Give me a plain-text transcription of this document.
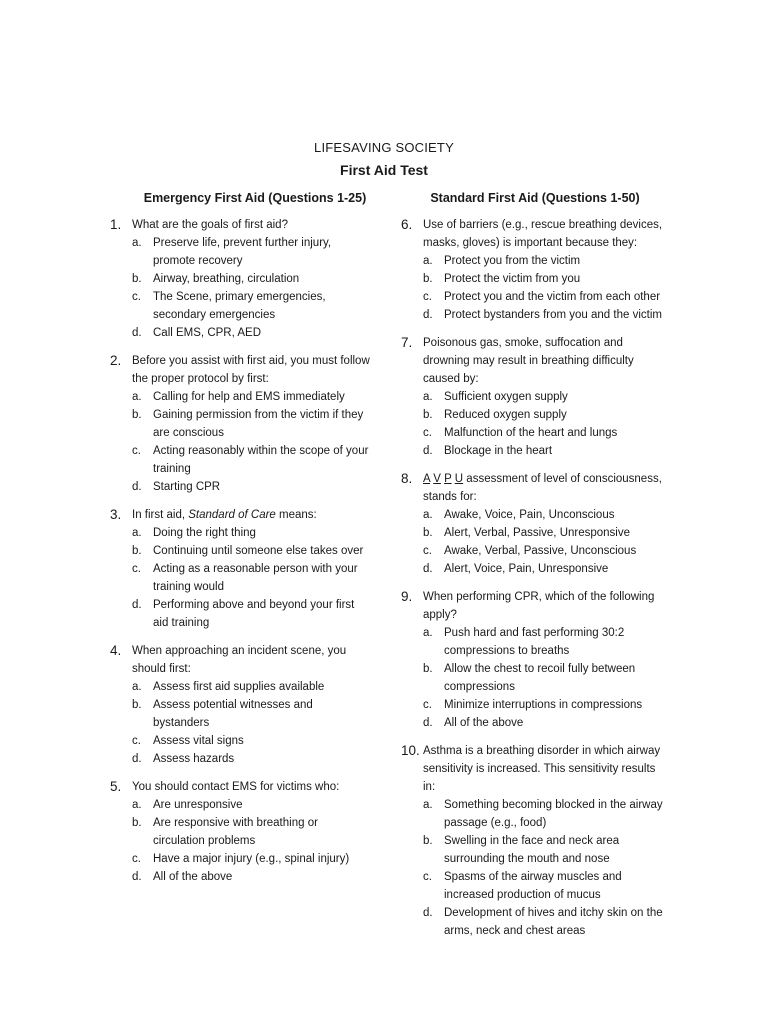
LIFESAVING SOCIETY
First Aid Test
Emergency First Aid (Questions 1-25)	Standard First Aid (Questions 1-50)
1. What are the goals of first aid?
a. Preserve life, prevent further injury, promote recovery
b. Airway, breathing, circulation
c. The Scene, primary emergencies, secondary emergencies
d. Call EMS, CPR, AED
2. Before you assist with first aid, you must follow the proper protocol by first:
a. Calling for help and EMS immediately
b. Gaining permission from the victim if they are conscious
c. Acting reasonably within the scope of your training
d. Starting CPR
3. In first aid, Standard of Care means:
a. Doing the right thing
b. Continuing until someone else takes over
c. Acting as a reasonable person with your training would
d. Performing above and beyond your first aid training
4. When approaching an incident scene, you should first:
a. Assess first aid supplies available
b. Assess potential witnesses and bystanders
c. Assess vital signs
d. Assess hazards
5. You should contact EMS for victims who:
a. Are unresponsive
b. Are responsive with breathing or circulation problems
c. Have a major injury (e.g., spinal injury)
d. All of the above
6. Use of barriers (e.g., rescue breathing devices, masks, gloves) is important because they:
a. Protect you from the victim
b. Protect the victim from you
c. Protect you and the victim from each other
d. Protect bystanders from you and the victim
7. Poisonous gas, smoke, suffocation and drowning may result in breathing difficulty caused by:
a. Sufficient oxygen supply
b. Reduced oxygen supply
c. Malfunction of the heart and lungs
d. Blockage in the heart
8. A V P U assessment of level of consciousness, stands for:
a. Awake, Voice, Pain, Unconscious
b. Alert, Verbal, Passive, Unresponsive
c. Awake, Verbal, Passive, Unconscious
d. Alert, Voice, Pain, Unresponsive
9. When performing CPR, which of the following apply?
a. Push hard and fast performing 30:2 compressions to breaths
b. Allow the chest to recoil fully between compressions
c. Minimize interruptions in compressions
d. All of the above
10. Asthma is a breathing disorder in which airway sensitivity is increased. This sensitivity results in:
a. Something becoming blocked in the airway passage (e.g., food)
b. Swelling in the face and neck area surrounding the mouth and nose
c. Spasms of the airway muscles and increased production of mucus
d. Development of hives and itchy skin on the arms, neck and chest areas
